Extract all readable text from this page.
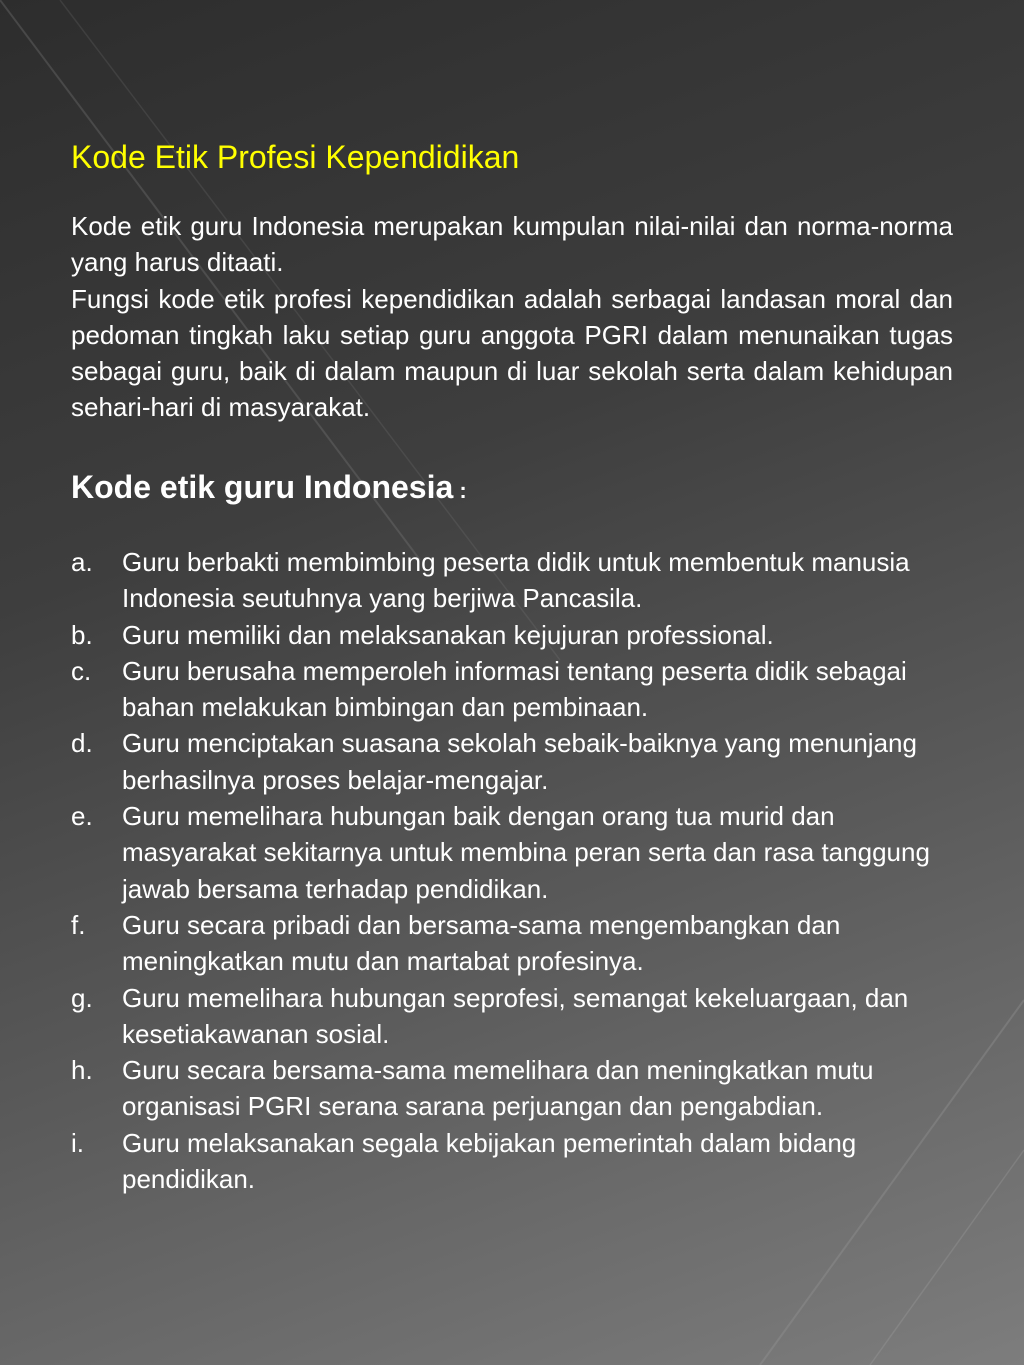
Kode Etik Profesi Kependidikan

Kode etik guru Indonesia merupakan kumpulan nilai-nilai dan norma-norma yang harus ditaati.

Fungsi kode etik profesi kependidikan adalah serbagai landasan moral dan pedoman tingkah laku setiap guru anggota PGRI dalam menunaikan tugas sebagai guru, baik di dalam maupun di luar sekolah serta dalam kehidupan sehari-hari di masyarakat.

Kode etik guru Indonesia :
a. Guru berbakti membimbing peserta didik untuk membentuk manusia Indonesia seutuhnya yang berjiwa Pancasila.
b. Guru memiliki dan melaksanakan kejujuran professional.
c. Guru berusaha memperoleh informasi tentang peserta didik sebagai bahan melakukan bimbingan dan pembinaan.
d. Guru menciptakan suasana sekolah sebaik-baiknya yang menunjang berhasilnya proses belajar-mengajar.
e. Guru memelihara hubungan baik dengan orang tua murid dan masyarakat sekitarnya untuk membina peran serta dan rasa tanggung jawab bersama terhadap pendidikan.
f. Guru secara pribadi dan bersama-sama mengembangkan dan meningkatkan mutu dan martabat profesinya.
g. Guru memelihara hubungan seprofesi, semangat kekeluargaan, dan kesetiakawanan sosial.
h. Guru secara bersama-sama memelihara dan meningkatkan mutu organisasi PGRI serana sarana perjuangan dan pengabdian.
i. Guru melaksanakan segala kebijakan pemerintah dalam bidang pendidikan.
